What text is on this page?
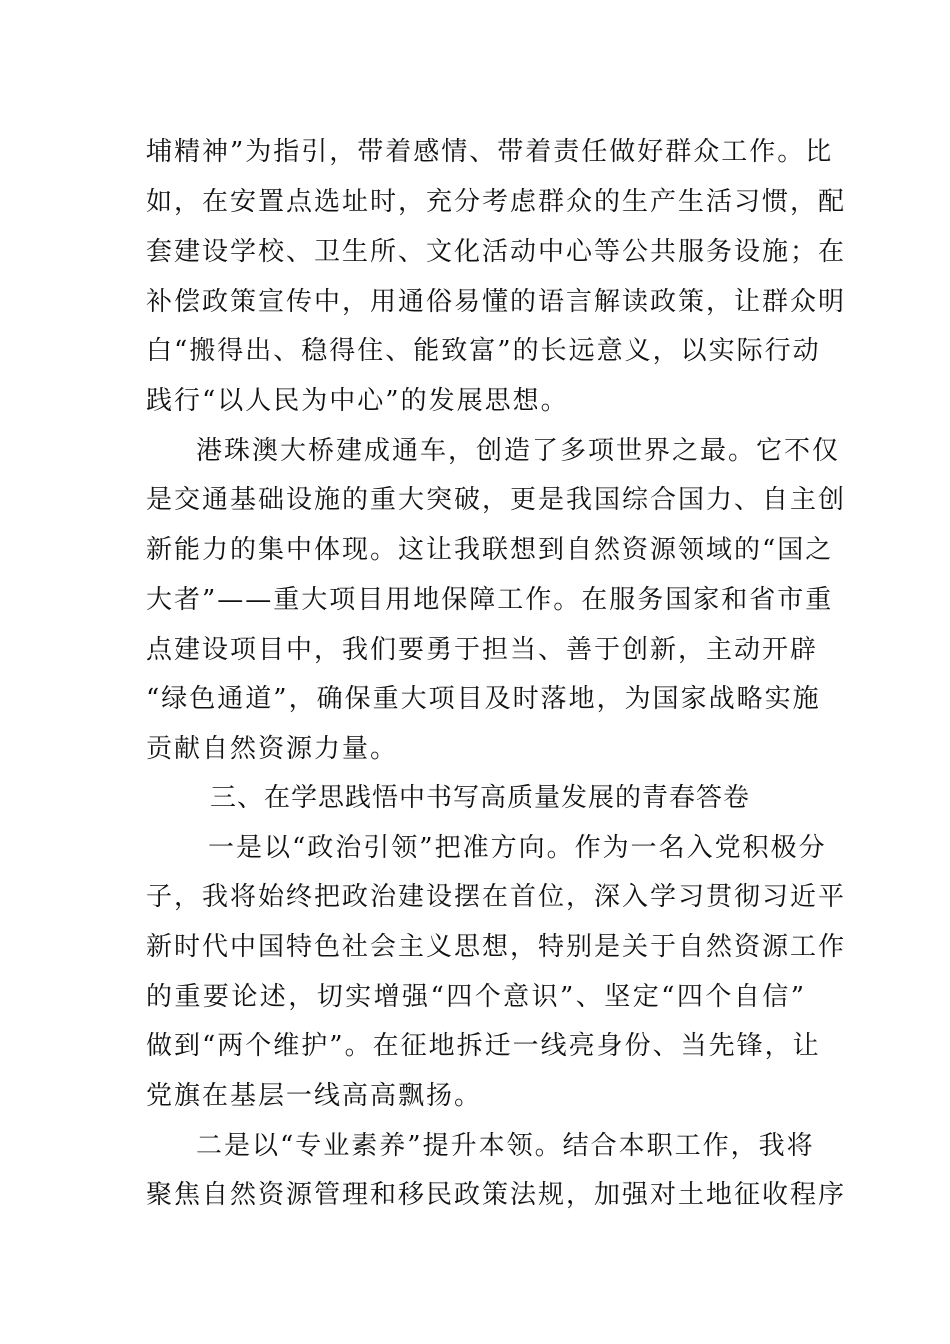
埔精神”为指引，带着感情、带着责任做好群众工作。比
如，在安置点选址时，充分考虑群众的生产生活习惯，配
套建设学校、卫生所、文化活动中心等公共服务设施；在
补偿政策宣传中，用通俗易懂的语言解读政策，让群众明
白“搬得出、稳得住、能致富”的长远意义，以实际行动
践行“以人民为中心”的发展思想。
港珠澳大桥建成通车，创造了多项世界之最。它不仅
是交通基础设施的重大突破，更是我国综合国力、自主创
新能力的集中体现。这让我联想到自然资源领域的“国之
大者”——重大项目用地保障工作。在服务国家和省市重
点建设项目中，我们要勇于担当、善于创新，主动开辟
“绿色通道”，确保重大项目及时落地，为国家战略实施
贡献自然资源力量。
三、在学思践悟中书写高质量发展的青春答卷
一是以“政治引领”把准方向。作为一名入党积极分
子，我将始终把政治建设摆在首位，深入学习贯彻习近平
新时代中国特色社会主义思想，特别是关于自然资源工作
的重要论述，切实增强“四个意识”、坚定“四个自信”
做到“两个维护”。在征地拆迁一线亮身份、当先锋，让
党旗在基层一线高高飘扬。
二是以“专业素养”提升本领。结合本职工作，我将
聚焦自然资源管理和移民政策法规，加强对土地征收程序
